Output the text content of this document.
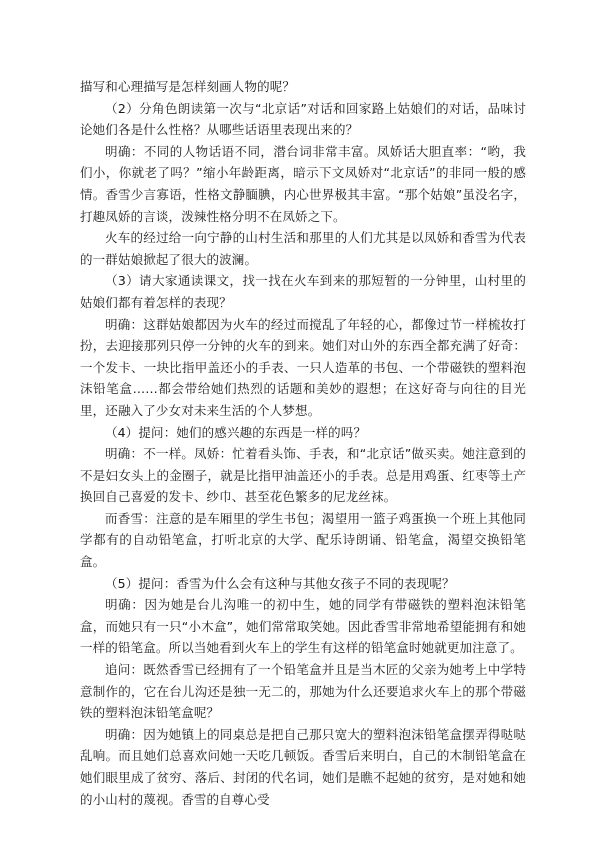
描写和心理描写是怎样刻画人物的呢？

（2）分角色朗读第一次与“北京话”对话和回家路上姑娘们的对话，品味讨论她们各是什么性格？从哪些话语里表现出来的？

明确：不同的人物话语不同，潜台词非常丰富。凤娇话大胆直率：“哟，我们小，你就老了吗？”缩小年龄距离，暗示下文凤娇对“北京话”的非同一般的感情。香雪少言寡语，性格文静腼腆，内心世界极其丰富。“那个姑娘”虽没名字，打趣凤娇的言谈，泼辣性格分明不在凤娇之下。

火车的经过给一向宁静的山村生活和那里的人们尤其是以凤娇和香雪为代表的一群姑娘掀起了很大的波澜。

（3）请大家通读课文，找一找在火车到来的那短暂的一分钟里，山村里的姑娘们都有着怎样的表现？

明确：这群姑娘都因为火车的经过而搅乱了年轻的心，都像过节一样梳妆打扮，去迎接那列只停一分钟的火车的到来。她们对山外的东西全都充满了好奇：一个发卡、一块比指甲盖还小的手表、一只人造革的书包、一个带磁铁的塑料泡沫铅笔盒……都会带给她们热烈的话题和美妙的遐想；在这好奇与向往的目光里，还融入了少女对未来生活的个人梦想。

（4）提问：她们的感兴趣的东西是一样的吗？

明确：不一样。凤娇：忙着看头饰、手表，和“北京话”做买卖。她注意到的不是妇女头上的金圈子，就是比指甲油盖还小的手表。总是用鸡蛋、红枣等土产换回自己喜爱的发卡、纱巾、甚至花色繁多的尼龙丝袜。

而香雪：注意的是车厢里的学生书包；渴望用一篮子鸡蛋换一个班上其他同学都有的自动铅笔盒，打听北京的大学、配乐诗朗诵、铅笔盒，渴望交换铅笔盒。

（5）提问：香雪为什么会有这种与其他女孩子不同的表现呢？

明确：因为她是台儿沟唯一的初中生，她的同学有带磁铁的塑料泡沫铅笔盒，而她只有一只“小木盒”，她们常常取笑她。因此香雪非常地希望能拥有和她一样的铅笔盒。所以当她看到火车上的学生有这样的铅笔盒时她就更加注意了。

追问：既然香雪已经拥有了一个铅笔盒并且是当木匠的父亲为她考上中学特意制作的，它在台儿沟还是独一无二的，那她为什么还要追求火车上的那个带磁铁的塑料泡沫铅笔盒呢？

明确：因为她镇上的同桌总是把自己那只宽大的塑料泡沫铅笔盒摆弄得哒哒乱响。而且她们总喜欢问她一天吃几顿饭。香雪后来明白，自己的木制铅笔盒在她们眼里成了贫穷、落后、封闭的代名词，她们是瞧不起她的贫穷，是对她和她的小山村的蔑视。香雪的自尊心受
